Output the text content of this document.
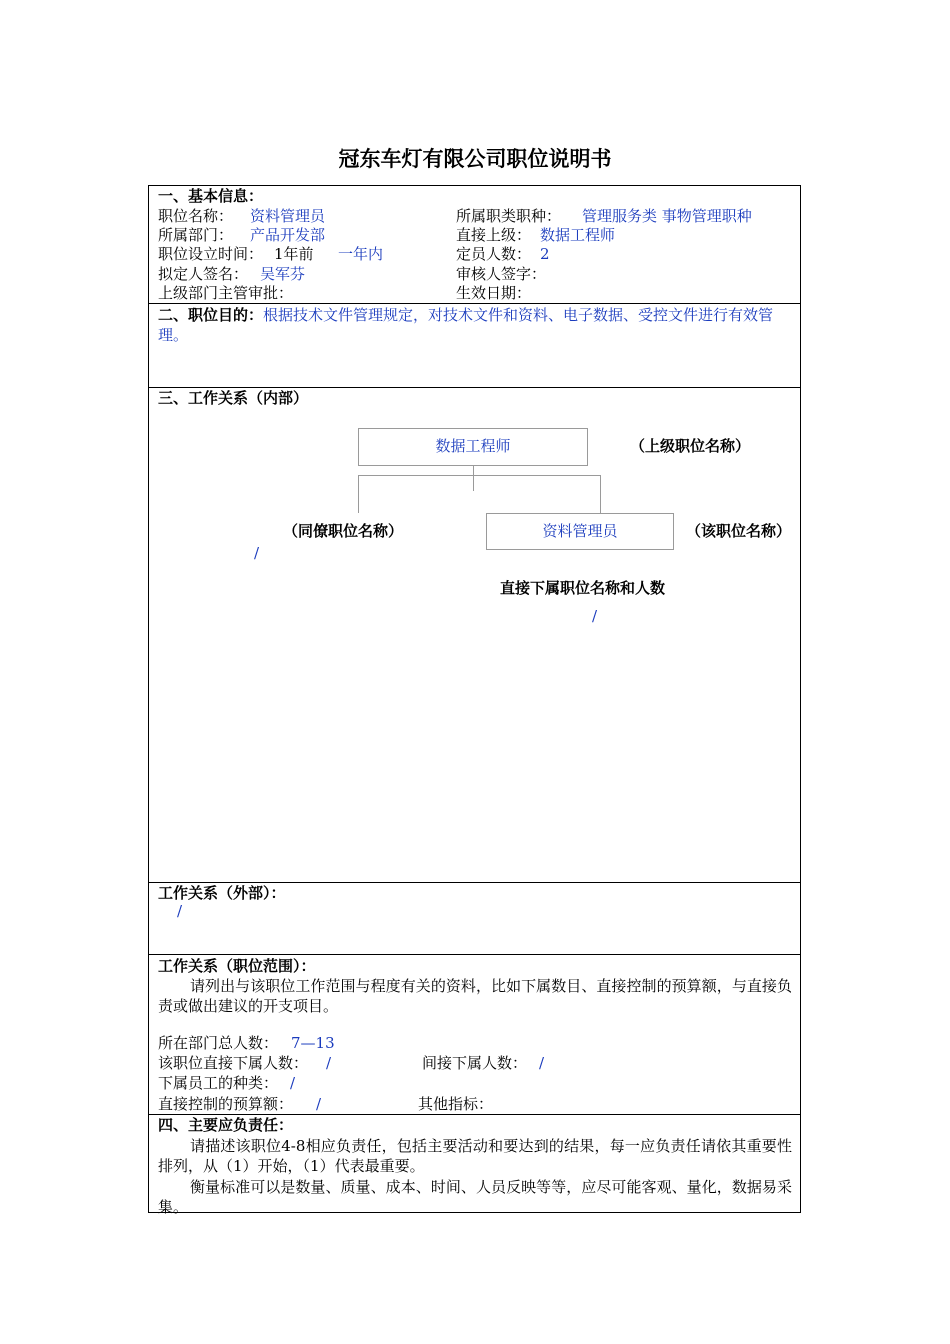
冠东车灯有限公司职位说明书
一、基本信息：
职位名称： 资料管理员	所属职类职种： 管理服务类 事物管理职种
所属部门： 产品开发部	直接上级： 数据工程师
职位设立时间： 1年前 一年内	定员人数： 2
拟定人签名： 吴军芬	审核人签字：
上级部门主管审批：	生效日期：
二、职位目的：根据技术文件管理规定，对技术文件和资料、电子数据、受控文件进行有效管理。
三、工作关系（内部）
数据工程师	（上级职位名称）
（同僚职位名称）
/
资料管理员	（该职位名称）
直接下属职位名称和人数
/
工作关系（外部）：
/
工作关系（职位范围）：
请列出与该职位工作范围与程度有关的资料，比如下属数目、直接控制的预算额，与直接负责或做出建议的开支项目。
所在部门总人数： 7—13
该职位直接下属人数： /	间接下属人数： /
下属员工的种类： /
直接控制的预算额： /	其他指标：
四、主要应负责任：
请描述该职位4-8相应负责任，包括主要活动和要达到的结果，每一应负责任请依其重要性排列，从（1）开始，（1）代表最重要。
衡量标准可以是数量、质量、成本、时间、人员反映等等，应尽可能客观、量化，数据易采集。
